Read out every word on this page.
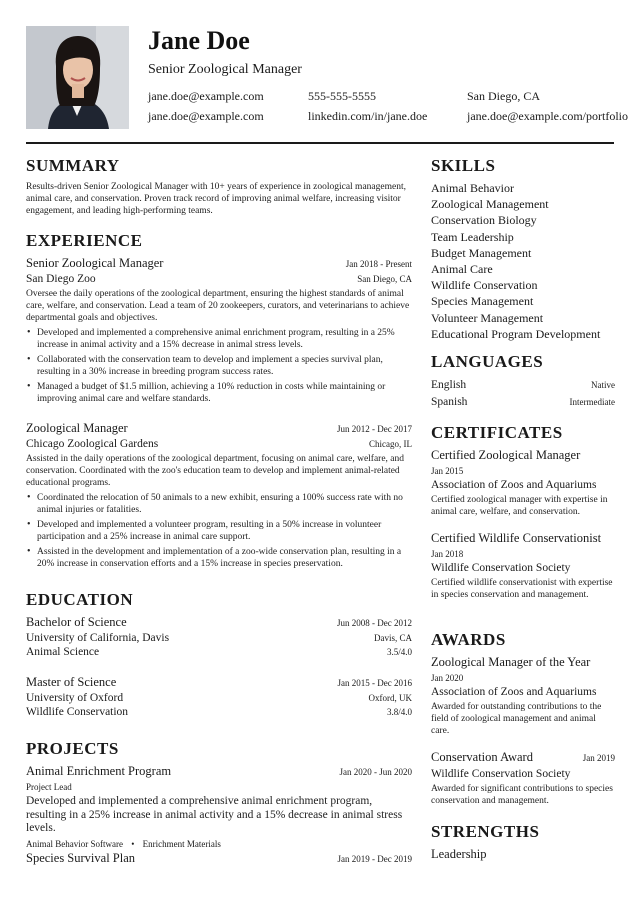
Jane Doe
Senior Zoological Manager
jane.doe@example.com	555-555-5555	San Diego, CA
jane.doe@example.com	linkedin.com/in/jane.doe	jane.doe@example.com/portfolio
SUMMARY
Results-driven Senior Zoological Manager with 10+ years of experience in zoological management, animal care, and conservation. Proven track record of improving animal welfare, increasing visitor engagement, and leading high-performing teams.
EXPERIENCE
Senior Zoological Manager	Jan 2018 - Present
San Diego Zoo	San Diego, CA
Oversee the daily operations of the zoological department, ensuring the highest standards of animal care, welfare, and conservation. Lead a team of 20 zookeepers, curators, and veterinarians to achieve departmental goals and objectives.
• Developed and implemented a comprehensive animal enrichment program, resulting in a 25% increase in animal activity and a 15% decrease in animal stress levels.
• Collaborated with the conservation team to develop and implement a species survival plan, resulting in a 30% increase in breeding program success rates.
• Managed a budget of $1.5 million, achieving a 10% reduction in costs while maintaining or improving animal care and welfare standards.
Zoological Manager	Jun 2012 - Dec 2017
Chicago Zoological Gardens	Chicago, IL
Assisted in the daily operations of the zoological department, focusing on animal care, welfare, and conservation. Coordinated with the zoo's education team to develop and implement animal-related educational programs.
• Coordinated the relocation of 50 animals to a new exhibit, ensuring a 100% success rate with no animal injuries or fatalities.
• Developed and implemented a volunteer program, resulting in a 50% increase in volunteer participation and a 25% increase in animal care support.
• Assisted in the development and implementation of a zoo-wide conservation plan, resulting in a 20% increase in conservation efforts and a 15% increase in species preservation.
EDUCATION
Bachelor of Science	Jun 2008 - Dec 2012
University of California, Davis	Davis, CA
Animal Science	3.5/4.0
Master of Science	Jan 2015 - Dec 2016
University of Oxford	Oxford, UK
Wildlife Conservation	3.8/4.0
PROJECTS
Animal Enrichment Program	Jan 2020 - Jun 2020
Project Lead
Developed and implemented a comprehensive animal enrichment program, resulting in a 25% increase in animal activity and a 15% decrease in animal stress levels.
Animal Behavior Software • Enrichment Materials
Species Survival Plan	Jan 2019 - Dec 2019
SKILLS
Animal Behavior
Zoological Management
Conservation Biology
Team Leadership
Budget Management
Animal Care
Wildlife Conservation
Species Management
Volunteer Management
Educational Program Development
LANGUAGES
English	Native
Spanish	Intermediate
CERTIFICATES
Certified Zoological Manager
Jan 2015
Association of Zoos and Aquariums
Certified zoological manager with expertise in animal care, welfare, and conservation.
Certified Wildlife Conservationist
Jan 2018
Wildlife Conservation Society
Certified wildlife conservationist with expertise in species conservation and management.
AWARDS
Zoological Manager of the Year
Jan 2020
Association of Zoos and Aquariums
Awarded for outstanding contributions to the field of zoological management and animal care.
Conservation Award	Jan 2019
Wildlife Conservation Society
Awarded for significant contributions to species conservation and management.
STRENGTHS
Leadership
